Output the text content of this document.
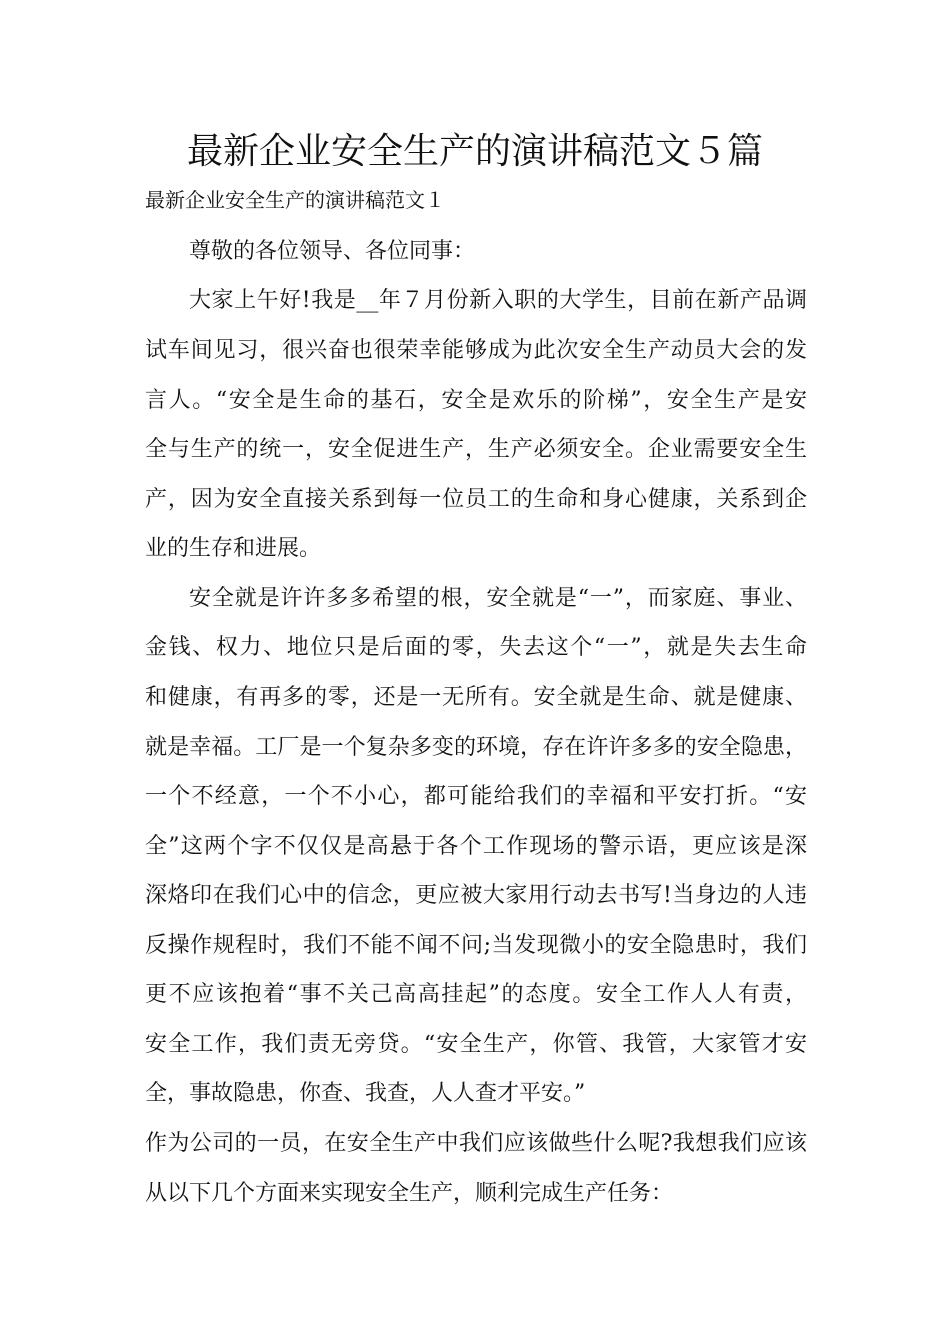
最新企业安全生产的演讲稿范文５篇
最新企业安全生产的演讲稿范文１
尊敬的各位领导、各位同事：
大家上午好!我是__年７月份新入职的大学生，目前在新产品调
试车间见习，很兴奋也很荣幸能够成为此次安全生产动员大会的发
言人。“安全是生命的基石，安全是欢乐的阶梯”，安全生产是安
全与生产的统一，安全促进生产，生产必须安全。企业需要安全生
产，因为安全直接关系到每一位员工的生命和身心健康，关系到企
业的生存和进展。
安全就是许许多多希望的根，安全就是“一”，而家庭、事业、
金钱、权力、地位只是后面的零，失去这个“一”，就是失去生命
和健康，有再多的零，还是一无所有。安全就是生命、就是健康、
就是幸福。工厂是一个复杂多变的环境，存在许许多多的安全隐患，
一个不经意，一个不小心，都可能给我们的幸福和平安打折。“安
全”这两个字不仅仅是高悬于各个工作现场的警示语，更应该是深
深烙印在我们心中的信念，更应被大家用行动去书写!当身边的人违
反操作规程时，我们不能不闻不问;当发现微小的安全隐患时，我们
更不应该抱着“事不关己高高挂起”的态度。安全工作人人有责，
安全工作，我们责无旁贷。“安全生产，你管、我管，大家管才安
全，事故隐患，你查、我查，人人查才平安。”
作为公司的一员，在安全生产中我们应该做些什么呢?我想我们应该
从以下几个方面来实现安全生产，顺利完成生产任务：
